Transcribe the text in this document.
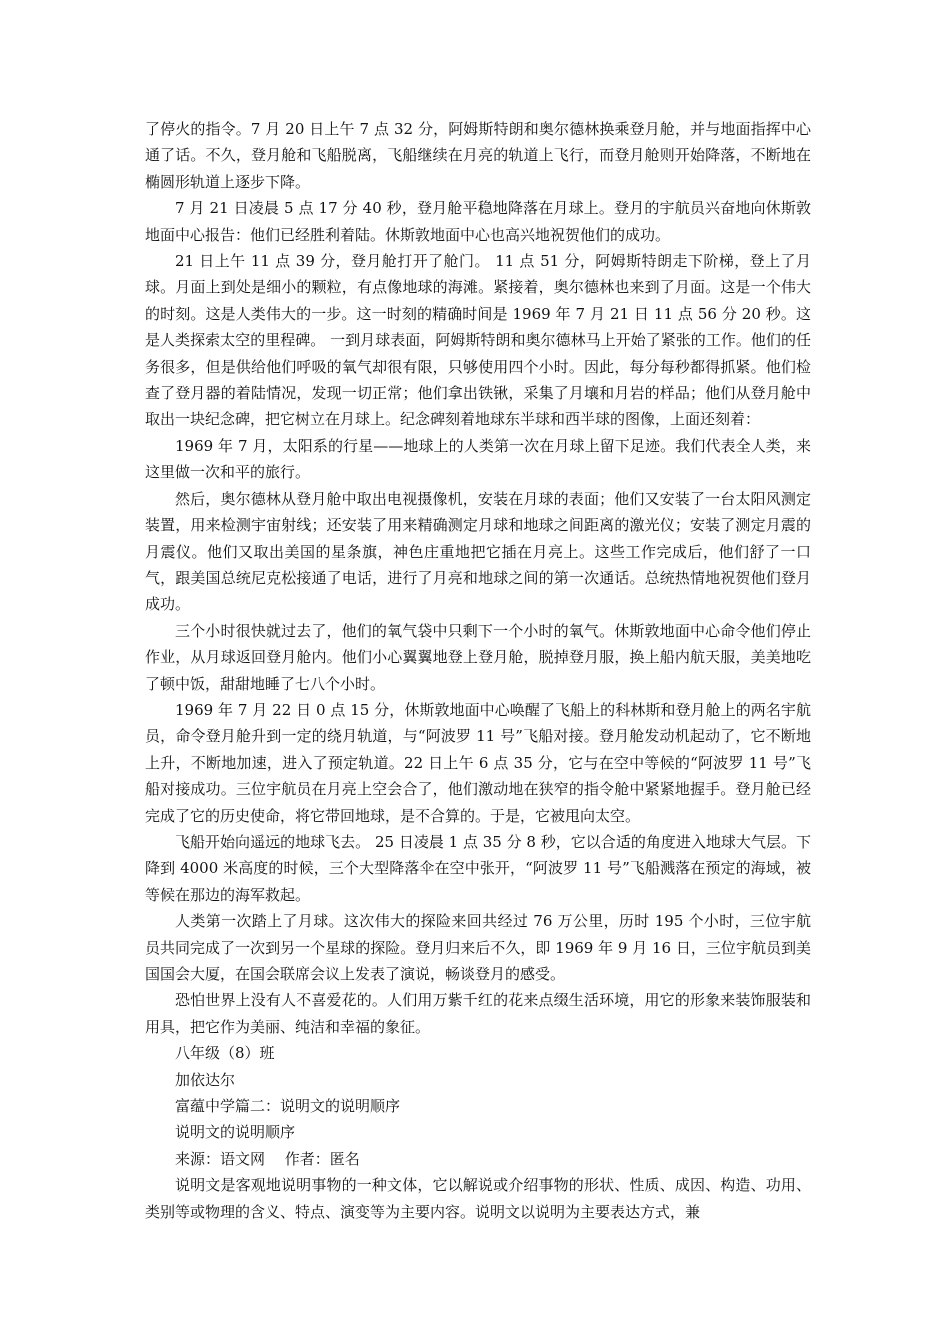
了停火的指令。7 月 20 日上午 7 点 32 分，阿姆斯特朗和奥尔德林换乘登月舱，并与地面指挥中心通了话。不久，登月舱和飞船脱离，飞船继续在月亮的轨道上飞行，而登月舱则开始降落，不断地在椭圆形轨道上逐步下降。

7 月 21 日凌晨 5 点 17 分 40 秒，登月舱平稳地降落在月球上。登月的宇航员兴奋地向休斯敦地面中心报告：他们已经胜利着陆。休斯敦地面中心也高兴地祝贺他们的成功。

21 日上午 11 点 39 分，登月舱打开了舱门。 11 点 51 分，阿姆斯特朗走下阶梯，登上了月球。月面上到处是细小的颗粒，有点像地球的海滩。紧接着，奥尔德林也来到了月面。这是一个伟大的时刻。这是人类伟大的一步。这一时刻的精确时间是 1969 年 7 月 21 日 11 点 56 分 20 秒。这是人类探索太空的里程碑。 一到月球表面，阿姆斯特朗和奥尔德林马上开始了紧张的工作。他们的任务很多，但是供给他们呼吸的氧气却很有限，只够使用四个小时。因此，每分每秒都得抓紧。他们检查了登月器的着陆情况，发现一切正常；他们拿出铁锹，采集了月壤和月岩的样品；他们从登月舱中取出一块纪念碑，把它树立在月球上。纪念碑刻着地球东半球和西半球的图像，上面还刻着：

1969 年 7 月，太阳系的行星——地球上的人类第一次在月球上留下足迹。我们代表全人类，来这里做一次和平的旅行。

然后，奥尔德林从登月舱中取出电视摄像机，安装在月球的表面；他们又安装了一台太阳风测定装置，用来检测宇宙射线；还安装了用来精确测定月球和地球之间距离的激光仪；安装了测定月震的月震仪。他们又取出美国的星条旗，神色庄重地把它插在月亮上。这些工作完成后，他们舒了一口气，跟美国总统尼克松接通了电话，进行了月亮和地球之间的第一次通话。总统热情地祝贺他们登月成功。

三个小时很快就过去了，他们的氧气袋中只剩下一个小时的氧气。休斯敦地面中心命令他们停止作业，从月球返回登月舱内。他们小心翼翼地登上登月舱，脱掉登月服，换上船内航天服，美美地吃了顿中饭，甜甜地睡了七八个小时。

1969 年 7 月 22 日 0 点 15 分，休斯敦地面中心唤醒了飞船上的科林斯和登月舱上的两名宇航员，命令登月舱升到一定的绕月轨道，与“阿波罗 11 号”飞船对接。登月舱发动机起动了，它不断地上升，不断地加速，进入了预定轨道。22 日上午 6 点 35 分，它与在空中等候的“阿波罗 11 号”飞船对接成功。三位宇航员在月亮上空会合了，他们激动地在狭窄的指令舱中紧紧地握手。登月舱已经完成了它的历史使命，将它带回地球，是不合算的。于是，它被甩向太空。

飞船开始向遥远的地球飞去。 25 日凌晨 1 点 35 分 8 秒，它以合适的角度进入地球大气层。下降到 4000 米高度的时候，三个大型降落伞在空中张开，“阿波罗 11 号”飞船溅落在预定的海域，被等候在那边的海军救起。

人类第一次踏上了月球。这次伟大的探险来回共经过 76 万公里，历时 195 个小时，三位宇航员共同完成了一次到另一个星球的探险。登月归来后不久，即 1969 年 9 月 16 日，三位宇航员到美国国会大厦，在国会联席会议上发表了演说，畅谈登月的感受。

恐怕世界上没有人不喜爱花的。人们用万紫千红的花来点缀生活环境，用它的形象来装饰服装和用具，把它作为美丽、纯洁和幸福的象征。

八年级（8）班

加依达尔

富蕴中学篇二：说明文的说明顺序

说明文的说明顺序

来源：语文网　 作者：匿名

说明文是客观地说明事物的一种文体，它以解说或介绍事物的形状、性质、成因、构造、功用、类别等或物理的含义、特点、演变等为主要内容。说明文以说明为主要表达方式，兼
